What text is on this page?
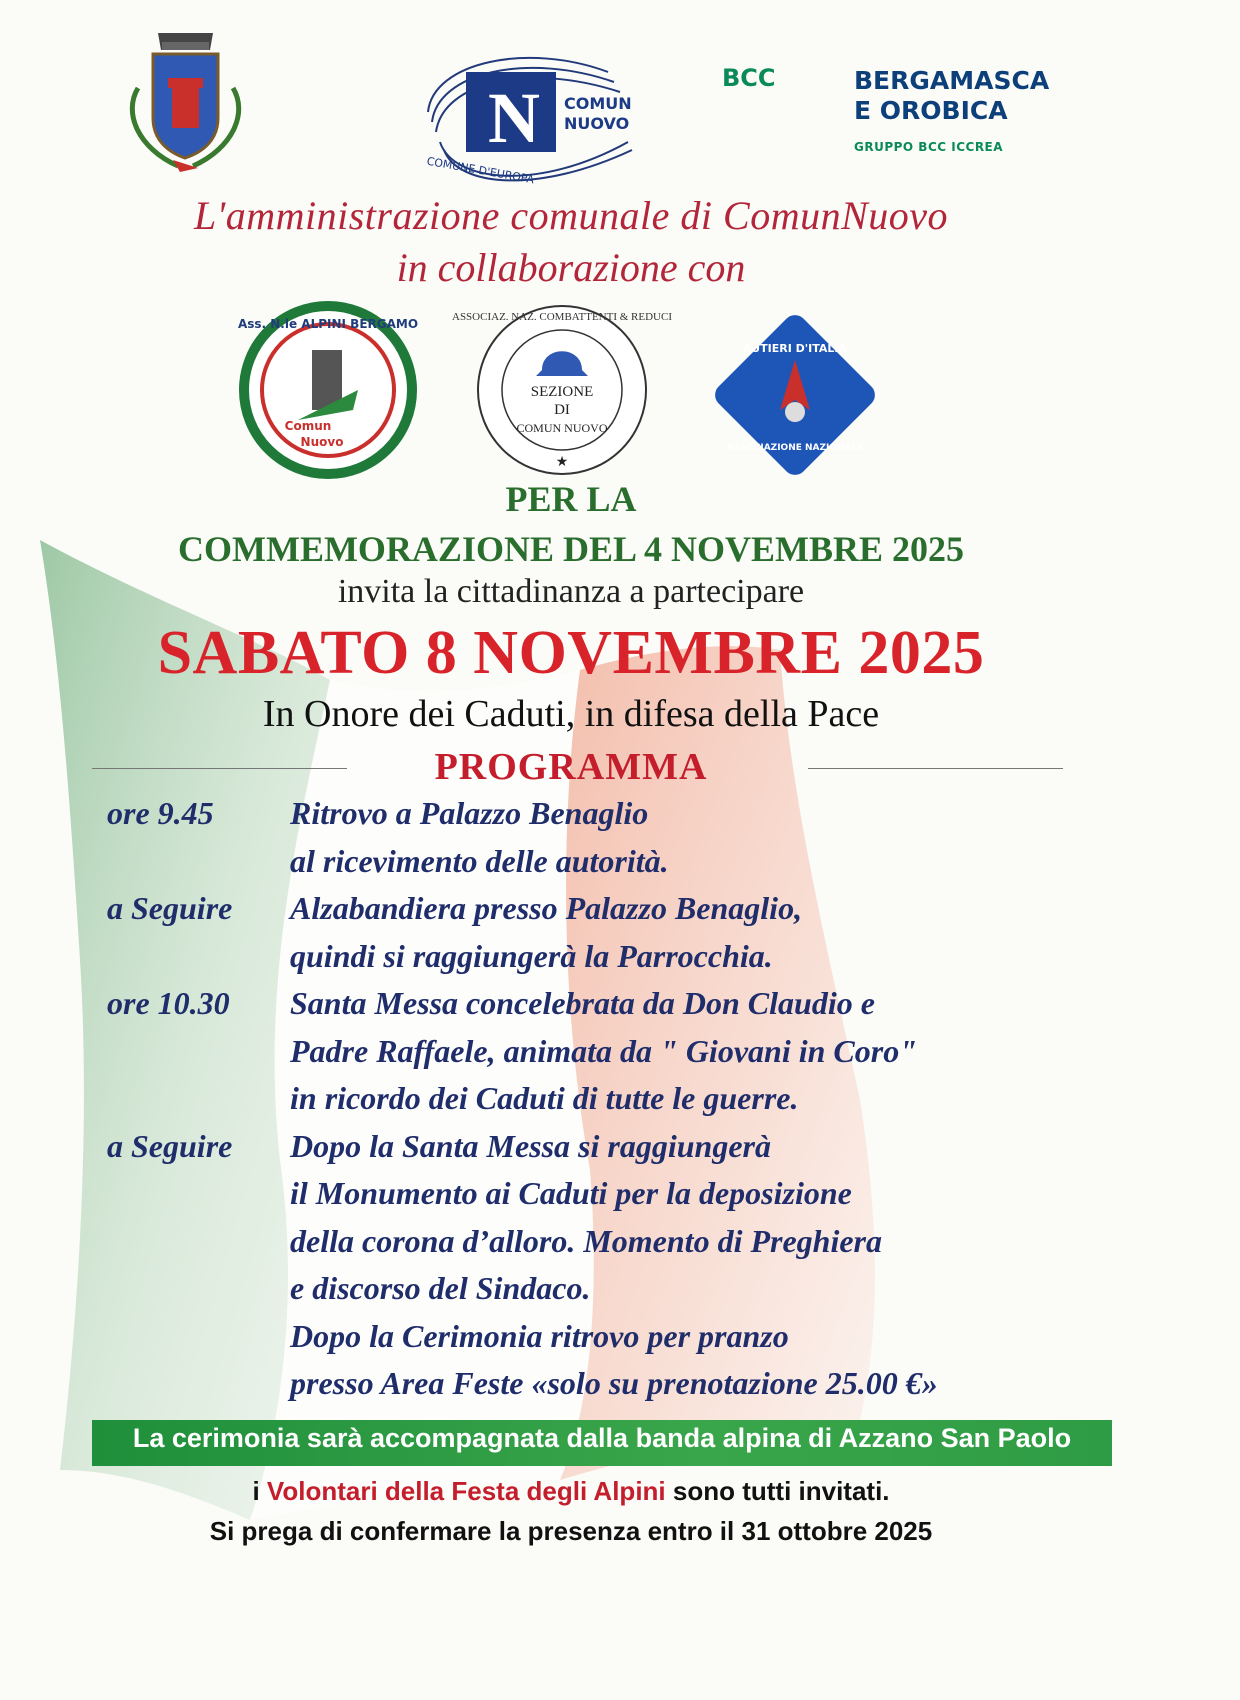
N COMUN
NUOVO
COMUNE D'EUROPA
BCC	BERGAMASCA
E OROBICA
GRUPPO BCC ICCREA
L'amministrazione comunale di ComunNuovo
in collaborazione con
Ass. N.le ALPINI BERGAMO
Comun
Nuovo
ASSOCIAZ. NAZ. COMBATTENTI & REDUCI
SEZIONE
DI
COMUN NUOVO
★
AUTIERI D'ITALIA
ASSOCIAZIONE NAZIONALE
PER LA
COMMEMORAZIONE DEL 4 NOVEMBRE 2025
invita la cittadinanza a partecipare
SABATO 8 NOVEMBRE 2025
In Onore dei Caduti, in difesa della Pace
PROGRAMMA
ore 9.45	Ritrovo a Palazzo Benaglio
al ricevimento delle autorità.
a Seguire	Alzabandiera presso Palazzo Benaglio,
quindi si raggiungerà la Parrocchia.
ore 10.30	Santa Messa concelebrata da Don Claudio e
Padre Raffaele, animata da " Giovani in Coro"
in ricordo dei Caduti di tutte le guerre.
a Seguire	Dopo la Santa Messa si raggiungerà
il Monumento ai Caduti per la deposizione
della corona d’alloro. Momento di Preghiera
e discorso del Sindaco.
Dopo la Cerimonia ritrovo per pranzo
presso Area Feste «solo su prenotazione 25.00 €»
La cerimonia sarà accompagnata dalla banda alpina di Azzano San Paolo
i Volontari della Festa degli Alpini sono tutti invitati.
Si prega di confermare la presenza entro il 31 ottobre 2025
